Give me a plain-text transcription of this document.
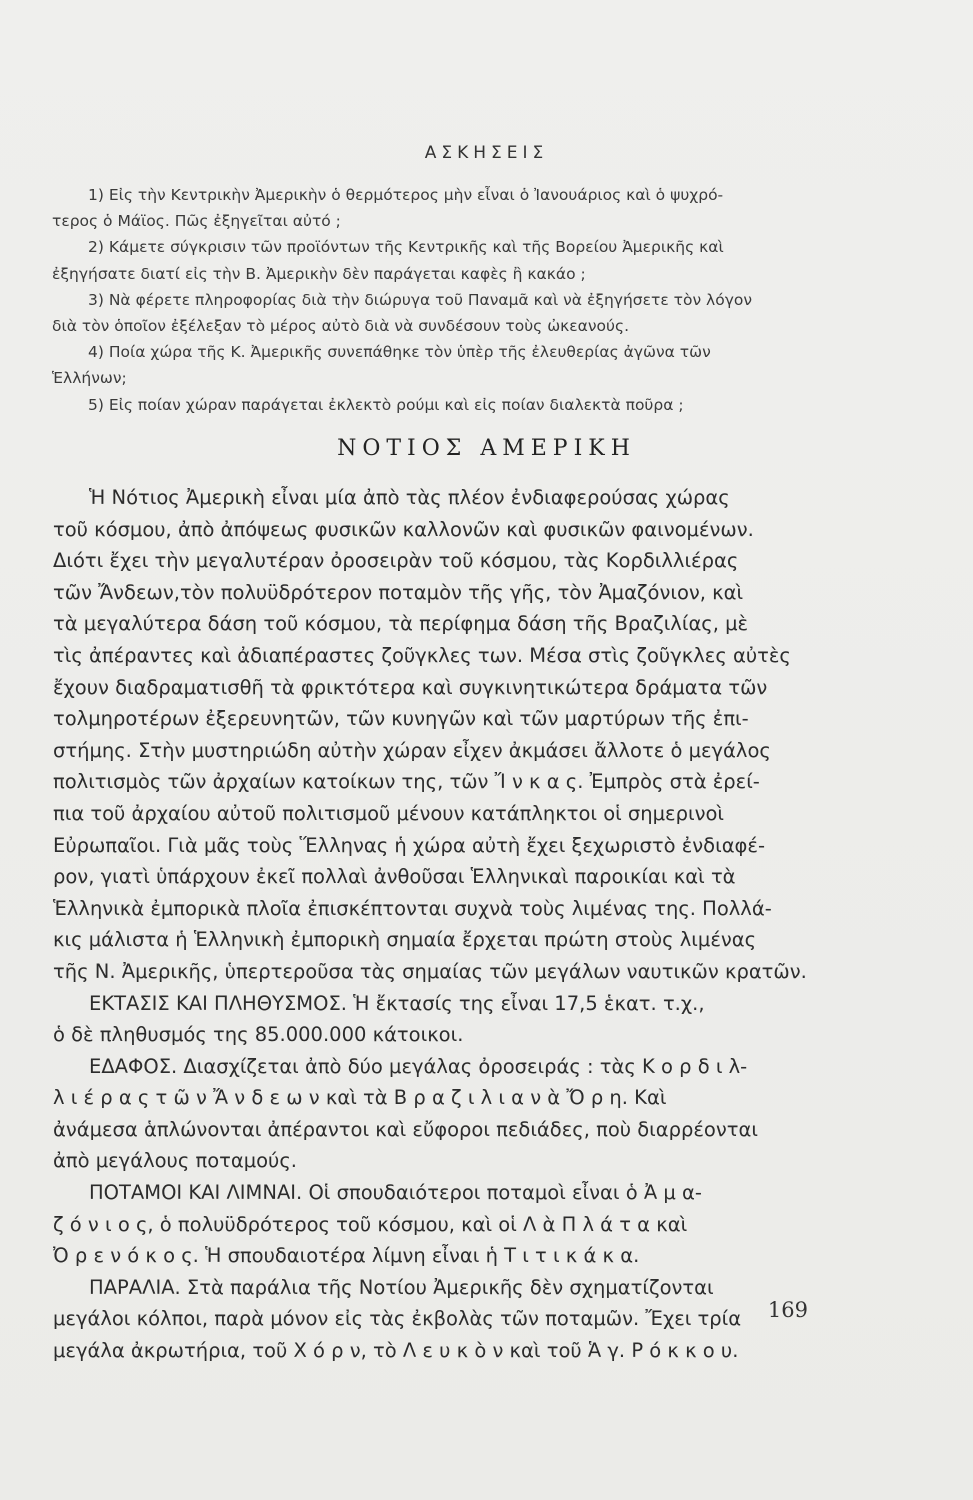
ΑΣΚΗΣΕΙΣ
1) Εἰς τὴν Κεντρικὴν Ἀμερικὴν ὁ θερμότερος μὴν εἶναι ὁ Ἰανουάριος καὶ ὁ ψυχρό-
τερος ὁ Μάϊος. Πῶς ἐξηγεῖται αὐτό ;
2) Κάμετε σύγκρισιν τῶν προϊόντων τῆς Κεντρικῆς καὶ τῆς Βορείου Ἀμερικῆς καὶ
ἐξηγήσατε διατί εἰς τὴν Β. Ἀμερικὴν δὲν παράγεται καφὲς ἢ κακάο ;
3) Νὰ φέρετε πληροφορίας διὰ τὴν διώρυγα τοῦ Παναμᾶ καὶ νὰ ἐξηγήσετε τὸν λόγον
διὰ τὸν ὁποῖον ἐξέλεξαν τὸ μέρος αὐτὸ διὰ νὰ συνδέσουν τοὺς ὠκεανούς.
4) Ποία χώρα τῆς Κ. Ἀμερικῆς συνεπάθηκε τὸν ὑπὲρ τῆς ἐλευθερίας ἀγῶνα τῶν
Ἑλλήνων;
5) Εἰς ποίαν χώραν παράγεται ἐκλεκτὸ ρούμι καὶ εἰς ποίαν διαλεκτὰ ποῦρα ;
ΝΟΤΙΟΣ ΑΜΕΡΙΚΗ
Ἡ Νότιος Ἀμερικὴ εἶναι μία ἀπὸ τὰς πλέον ἐνδιαφερούσας χώρας
τοῦ κόσμου, ἀπὸ ἀπόψεως φυσικῶν καλλονῶν καὶ φυσικῶν φαινομένων.
Διότι ἔχει τὴν μεγαλυτέραν ὀροσειρὰν τοῦ κόσμου, τὰς Κορδιλλιέρας
τῶν Ἄνδεων,τὸν πολυϋδρότερον ποταμὸν τῆς γῆς, τὸν Ἀμαζόνιον, καὶ
τὰ μεγαλύτερα δάση τοῦ κόσμου, τὰ περίφημα δάση τῆς Βραζιλίας, μὲ
τὶς ἀπέραντες καὶ ἀδιαπέραστες ζοῦγκλες των. Μέσα στὶς ζοῦγκλες αὐτὲς
ἔχουν διαδραματισθῆ τὰ φρικτότερα καὶ συγκινητικώτερα δράματα τῶν
τολμηροτέρων ἐξερευνητῶν, τῶν κυνηγῶν καὶ τῶν μαρτύρων τῆς ἐπι-
στήμης. Στὴν μυστηριώδη αὐτὴν χώραν εἶχεν ἀκμάσει ἄλλοτε ὁ μεγάλος
πολιτισμὸς τῶν ἀρχαίων κατοίκων της, τῶν Ἴ ν κ α ς. Ἐμπρὸς στὰ ἐρεί-
πια τοῦ ἀρχαίου αὐτοῦ πολιτισμοῦ μένουν κατάπληκτοι οἱ σημερινοὶ
Εὐρωπαῖοι. Γιὰ μᾶς τοὺς Ἕλληνας ἡ χώρα αὐτὴ ἔχει ξεχωριστὸ ἐνδιαφέ-
ρον, γιατὶ ὑπάρχουν ἐκεῖ πολλαὶ ἀνθοῦσαι Ἑλληνικαὶ παροικίαι καὶ τὰ
Ἑλληνικὰ ἐμπορικὰ πλοῖα ἐπισκέπτονται συχνὰ τοὺς λιμένας της. Πολλά-
κις μάλιστα ἡ Ἑλληνικὴ ἐμπορικὴ σημαία ἔρχεται πρώτη στοὺς λιμένας
τῆς Ν. Ἀμερικῆς, ὑπερτεροῦσα τὰς σημαίας τῶν μεγάλων ναυτικῶν κρατῶν.
ΕΚΤΑΣΙΣ ΚΑΙ ΠΛΗΘΥΣΜΟΣ. Ἡ ἔκτασίς της εἶναι 17,5 ἑκατ. τ.χ.,
ὁ δὲ πληθυσμός της 85.000.000 κάτοικοι.
ΕΔΑΦΟΣ. Διασχίζεται ἀπὸ δύο μεγάλας ὀροσειράς : τὰς Κ ο ρ δ ι λ-
λ ι έ ρ α ς τ ῶ ν Ἄ ν δ ε ω ν καὶ τὰ Β ρ α ζ ι λ ι α ν ὰ Ὄ ρ η. Καὶ
ἀνάμεσα ἁπλώνονται ἀπέραντοι καὶ εὔφοροι πεδιάδες, ποὺ διαρρέονται
ἀπὸ μεγάλους ποταμούς.
ΠΟΤΑΜΟΙ ΚΑΙ ΛΙΜΝΑΙ. Οἱ σπουδαιότεροι ποταμοὶ εἶναι ὁ Ἀ μ α-
ζ ό ν ι ο ς, ὁ πολυϋδρότερος τοῦ κόσμου, καὶ οἱ Λ ὰ Π λ ά τ α καὶ
Ὀ ρ ε ν ό κ ο ς. Ἡ σπουδαιοτέρα λίμνη εἶναι ἡ Τ ι τ ι κ ά κ α.
ΠΑΡΑΛΙΑ. Στὰ παράλια τῆς Νοτίου Ἀμερικῆς δὲν σχηματίζονται
μεγάλοι κόλποι, παρὰ μόνον εἰς τὰς ἐκβολὰς τῶν ποταμῶν. Ἔχει τρία
μεγάλα ἀκρωτήρια, τοῦ Χ ό ρ ν, τὸ Λ ε υ κ ὸ ν καὶ τοῦ Ἁ γ. Ρ ό κ κ ο υ.
169
